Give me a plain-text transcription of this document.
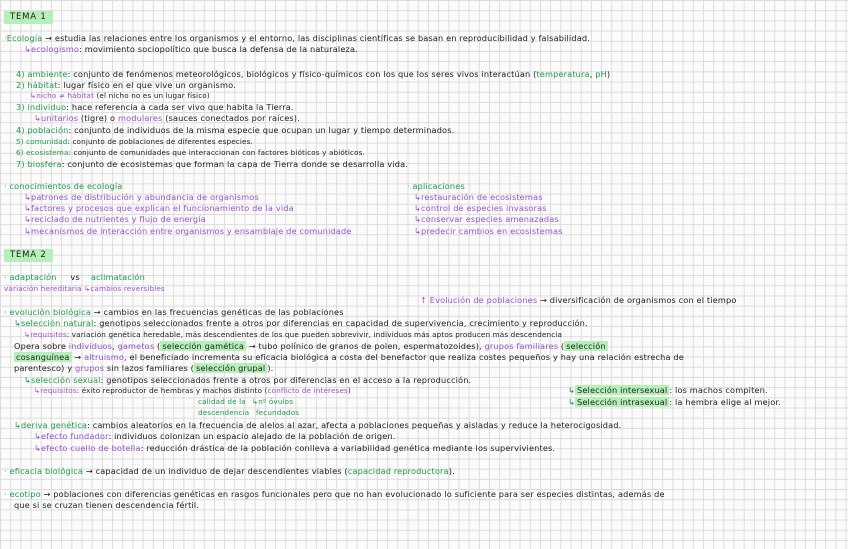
TEMA 1
·Ecología → estudia las relaciones entre los organismos y el entorno, las disciplinas científicas se basan en reproducibilidad y falsabilidad.
↳ecologismo: movimiento sociopolítico que busca la defensa de la naturaleza.
4) ambiente: conjunto de fenómenos meteorológicos, biológicos y físico-químicos con los que los seres vivos interactúan (temperatura, pH)
2) hábitat: lugar físico en el que vive un organismo.
↳nicho ≠ hábitat (el nicho no es un lugar físico)
3) individuo: hace referencia a cada ser vivo que habita la Tierra.
↳unitarios (tigre) o modulares (sauces conectados por raíces).
4) población: conjunto de individuos de la misma especie que ocupan un lugar y tiempo determinados.
5) comunidad: conjunto de poblaciones de diferentes especies.
6) ecosistema: conjunto de comunidades que interaccionan con factores bióticos y abióticos.
7) biosfera: conjunto de ecosistemas que forman la capa de Tierra donde se desarrolla vida.
· conocimientos de ecología
↳patrones de distribución y abundancia de organismos
↳factores y procesos que explican el funcionamiento de la vida
↳reciclado de nutrientes y flujo de energía
↳mecanismos de interacción entre organismos y ensamblaje de comunidade
· aplicaciones
↳restauración de ecosistemas
↳control de especies invasoras
↳conservar especies amenazadas
↳predecir cambios en ecosistemas
TEMA 2
· adaptación vs aclimatación
variación hereditaria ↳cambios reversibles
↑ Evolución de poblaciones → diversificación de organismos con el tiempo
· evolución biológica → cambios en las frecuencias genéticas de las poblaciones
↳selección natural: genotipos seleccionados frente a otros por diferencias en capacidad de supervivencia, crecimiento y reproducción.
↳requisitos: variación genética heredable, más descendientes de los que pueden sobrevivir, individuos más aptos producen más descendencia
Opera sobre individuos, gametos ( selección gamética → tubo polínico de granos de polen, espermatozoides), grupos familiares ( selección
cosanguínea → altruismo, el beneficiado incrementa su eficacia biológica a costa del benefactor que realiza costes pequeños y hay una relación estrecha de
parentesco) y grupos sin lazos familiares ( selección grupal ).
↳selección sexual: genotipos seleccionados frente a otros por diferencias en el acceso a la reproducción.
↳ Selección intersexual : los machos compiten.
↳ Selección intrasexual : la hembra elige al mejor.
↳requisitos: éxito reproductor de hembras y machos distinto (conflicto de intereses)
calidad de la
descendencia
↳nº óvulos
fecundados
↳deriva genética: cambios aleatorios en la frecuencia de alelos al azar, afecta a poblaciones pequeñas y aisladas y reduce la heterocigosidad.
↳efecto fundador: individuos colonizan un espacio alejado de la población de origen.
↳efecto cuello de botella: reducción drástica de la población conlleva a variabilidad genética mediante los supervivientes.
· eficacia biológica → capacidad de un individuo de dejar descendientes viables (capacidad reproductora).
· ecotipo → poblaciones con diferencias genéticas en rasgos funcionales pero que no han evolucionado lo suficiente para ser especies distintas, además de
que si se cruzan tienen descendencia fértil.
